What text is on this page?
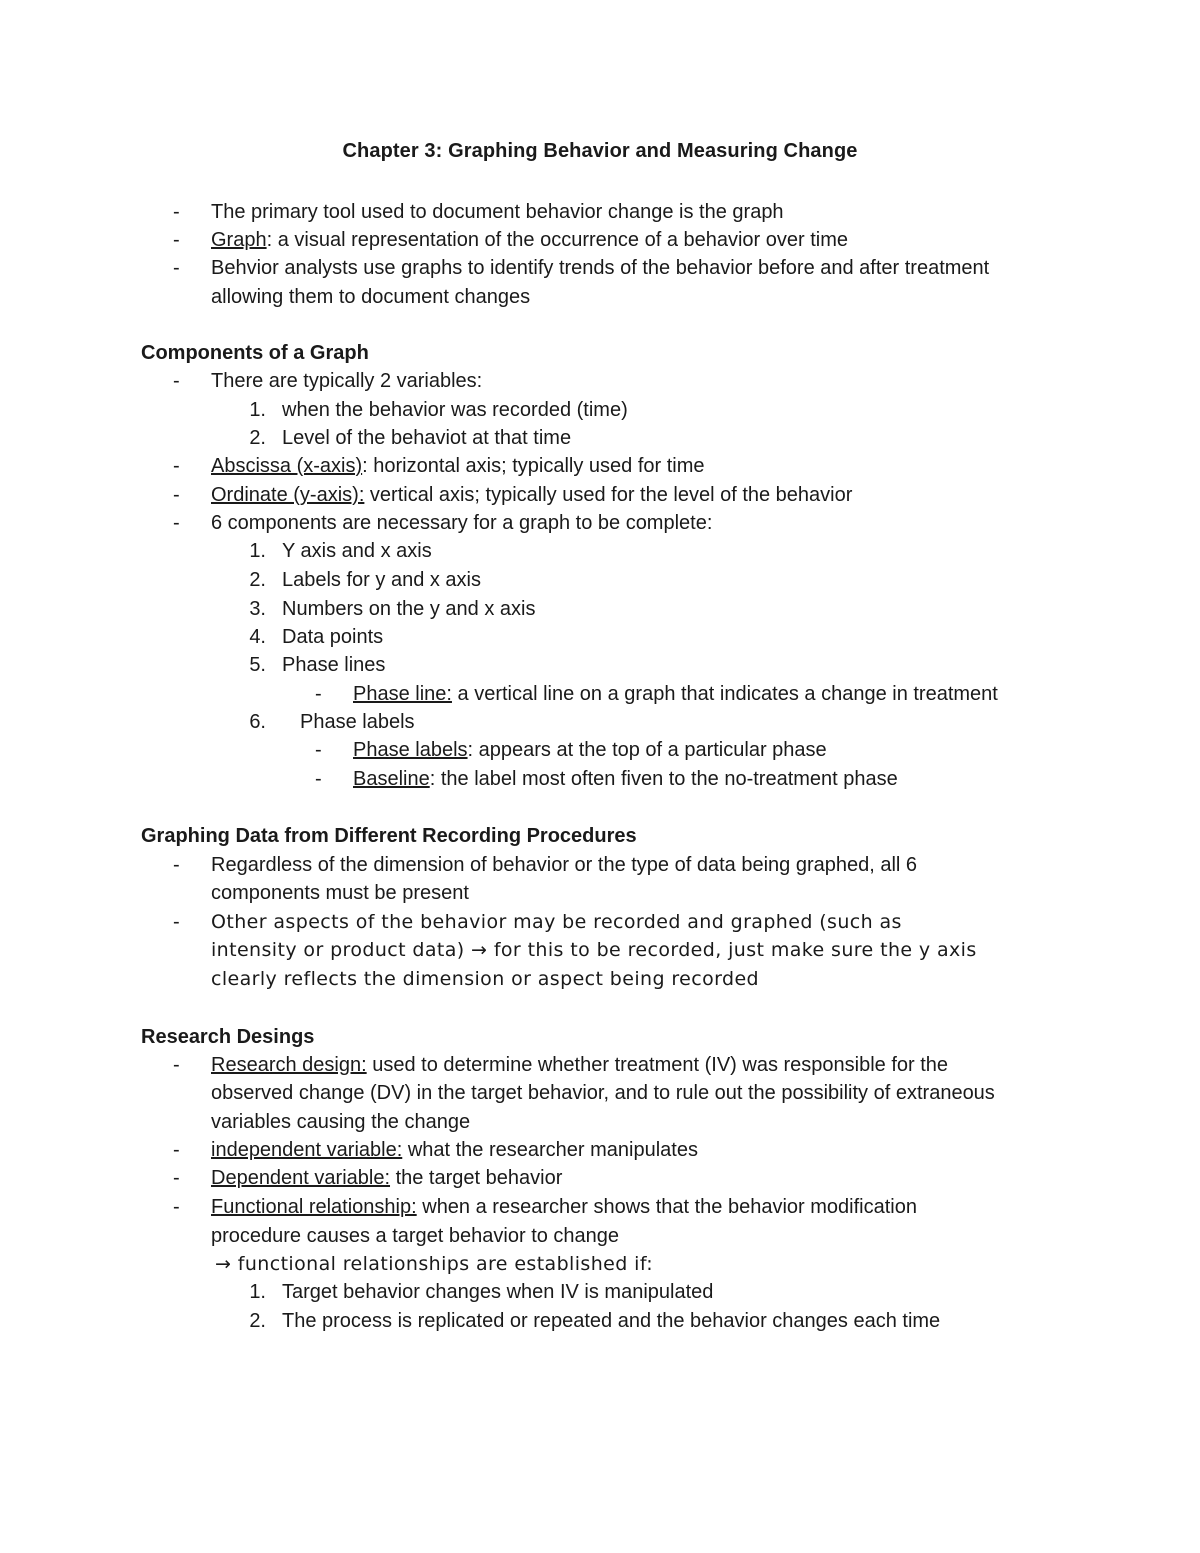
Chapter 3: Graphing Behavior and Measuring Change
- The primary tool used to document behavior change is the graph
- Graph: a visual representation of the occurrence of a behavior over time
- Behvior analysts use graphs to identify trends of the behavior before and after treatment
allowing them to document changes
Components of a Graph
- There are typically 2 variables:
1. when the behavior was recorded (time)
2. Level of the behaviot at that time
- Abscissa (x-axis): horizontal axis; typically used for time
- Ordinate (y-axis): vertical axis; typically used for the level of the behavior
- 6 components are necessary for a graph to be complete:
1. Y axis and x axis
2. Labels for y and x axis
3. Numbers on the y and x axis
4. Data points
5. Phase lines
- Phase line: a vertical line on a graph that indicates a change in treatment
6. Phase labels
- Phase labels: appears at the top of a particular phase
- Baseline: the label most often fiven to the no-treatment phase
Graphing Data from Different Recording Procedures
- Regardless of the dimension of behavior or the type of data being graphed, all 6
components must be present
- Other aspects of the behavior may be recorded and graphed (such as
intensity or product data) → for this to be recorded, just make sure the y axis
clearly reflects the dimension or aspect being recorded
Research Desings
- Research design: used to determine whether treatment (IV) was responsible for the
observed change (DV) in the target behavior, and to rule out the possibility of extraneous
variables causing the change
- independent variable: what the researcher manipulates
- Dependent variable: the target behavior
- Functional relationship: when a researcher shows that the behavior modification
procedure causes a target behavior to change
→ functional relationships are established if:
1. Target behavior changes when IV is manipulated
2. The process is replicated or repeated and the behavior changes each time
